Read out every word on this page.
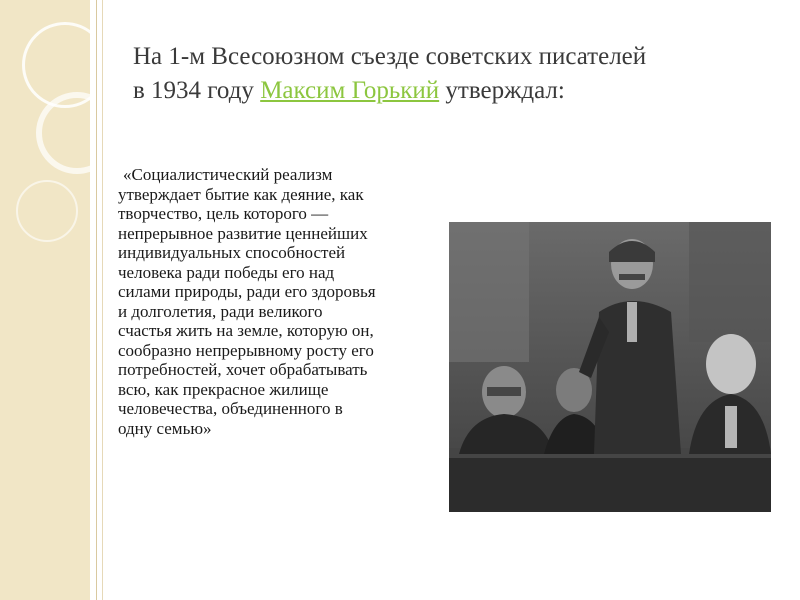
На 1-м Всесоюзном съезде советских писателей
в 1934 году Максим Горький утверждал:
«Социалистический реализм
утверждает бытие как деяние, как
творчество, цель которого —
непрерывное развитие ценнейших
индивидуальных способностей
человека ради победы его над
силами природы, ради его здоровья
и долголетия, ради великого
счастья жить на земле, которую он,
сообразно непрерывному росту его
потребностей, хочет обрабатывать
всю, как прекрасное жилище
человечества, объединенного в
одну семью»
